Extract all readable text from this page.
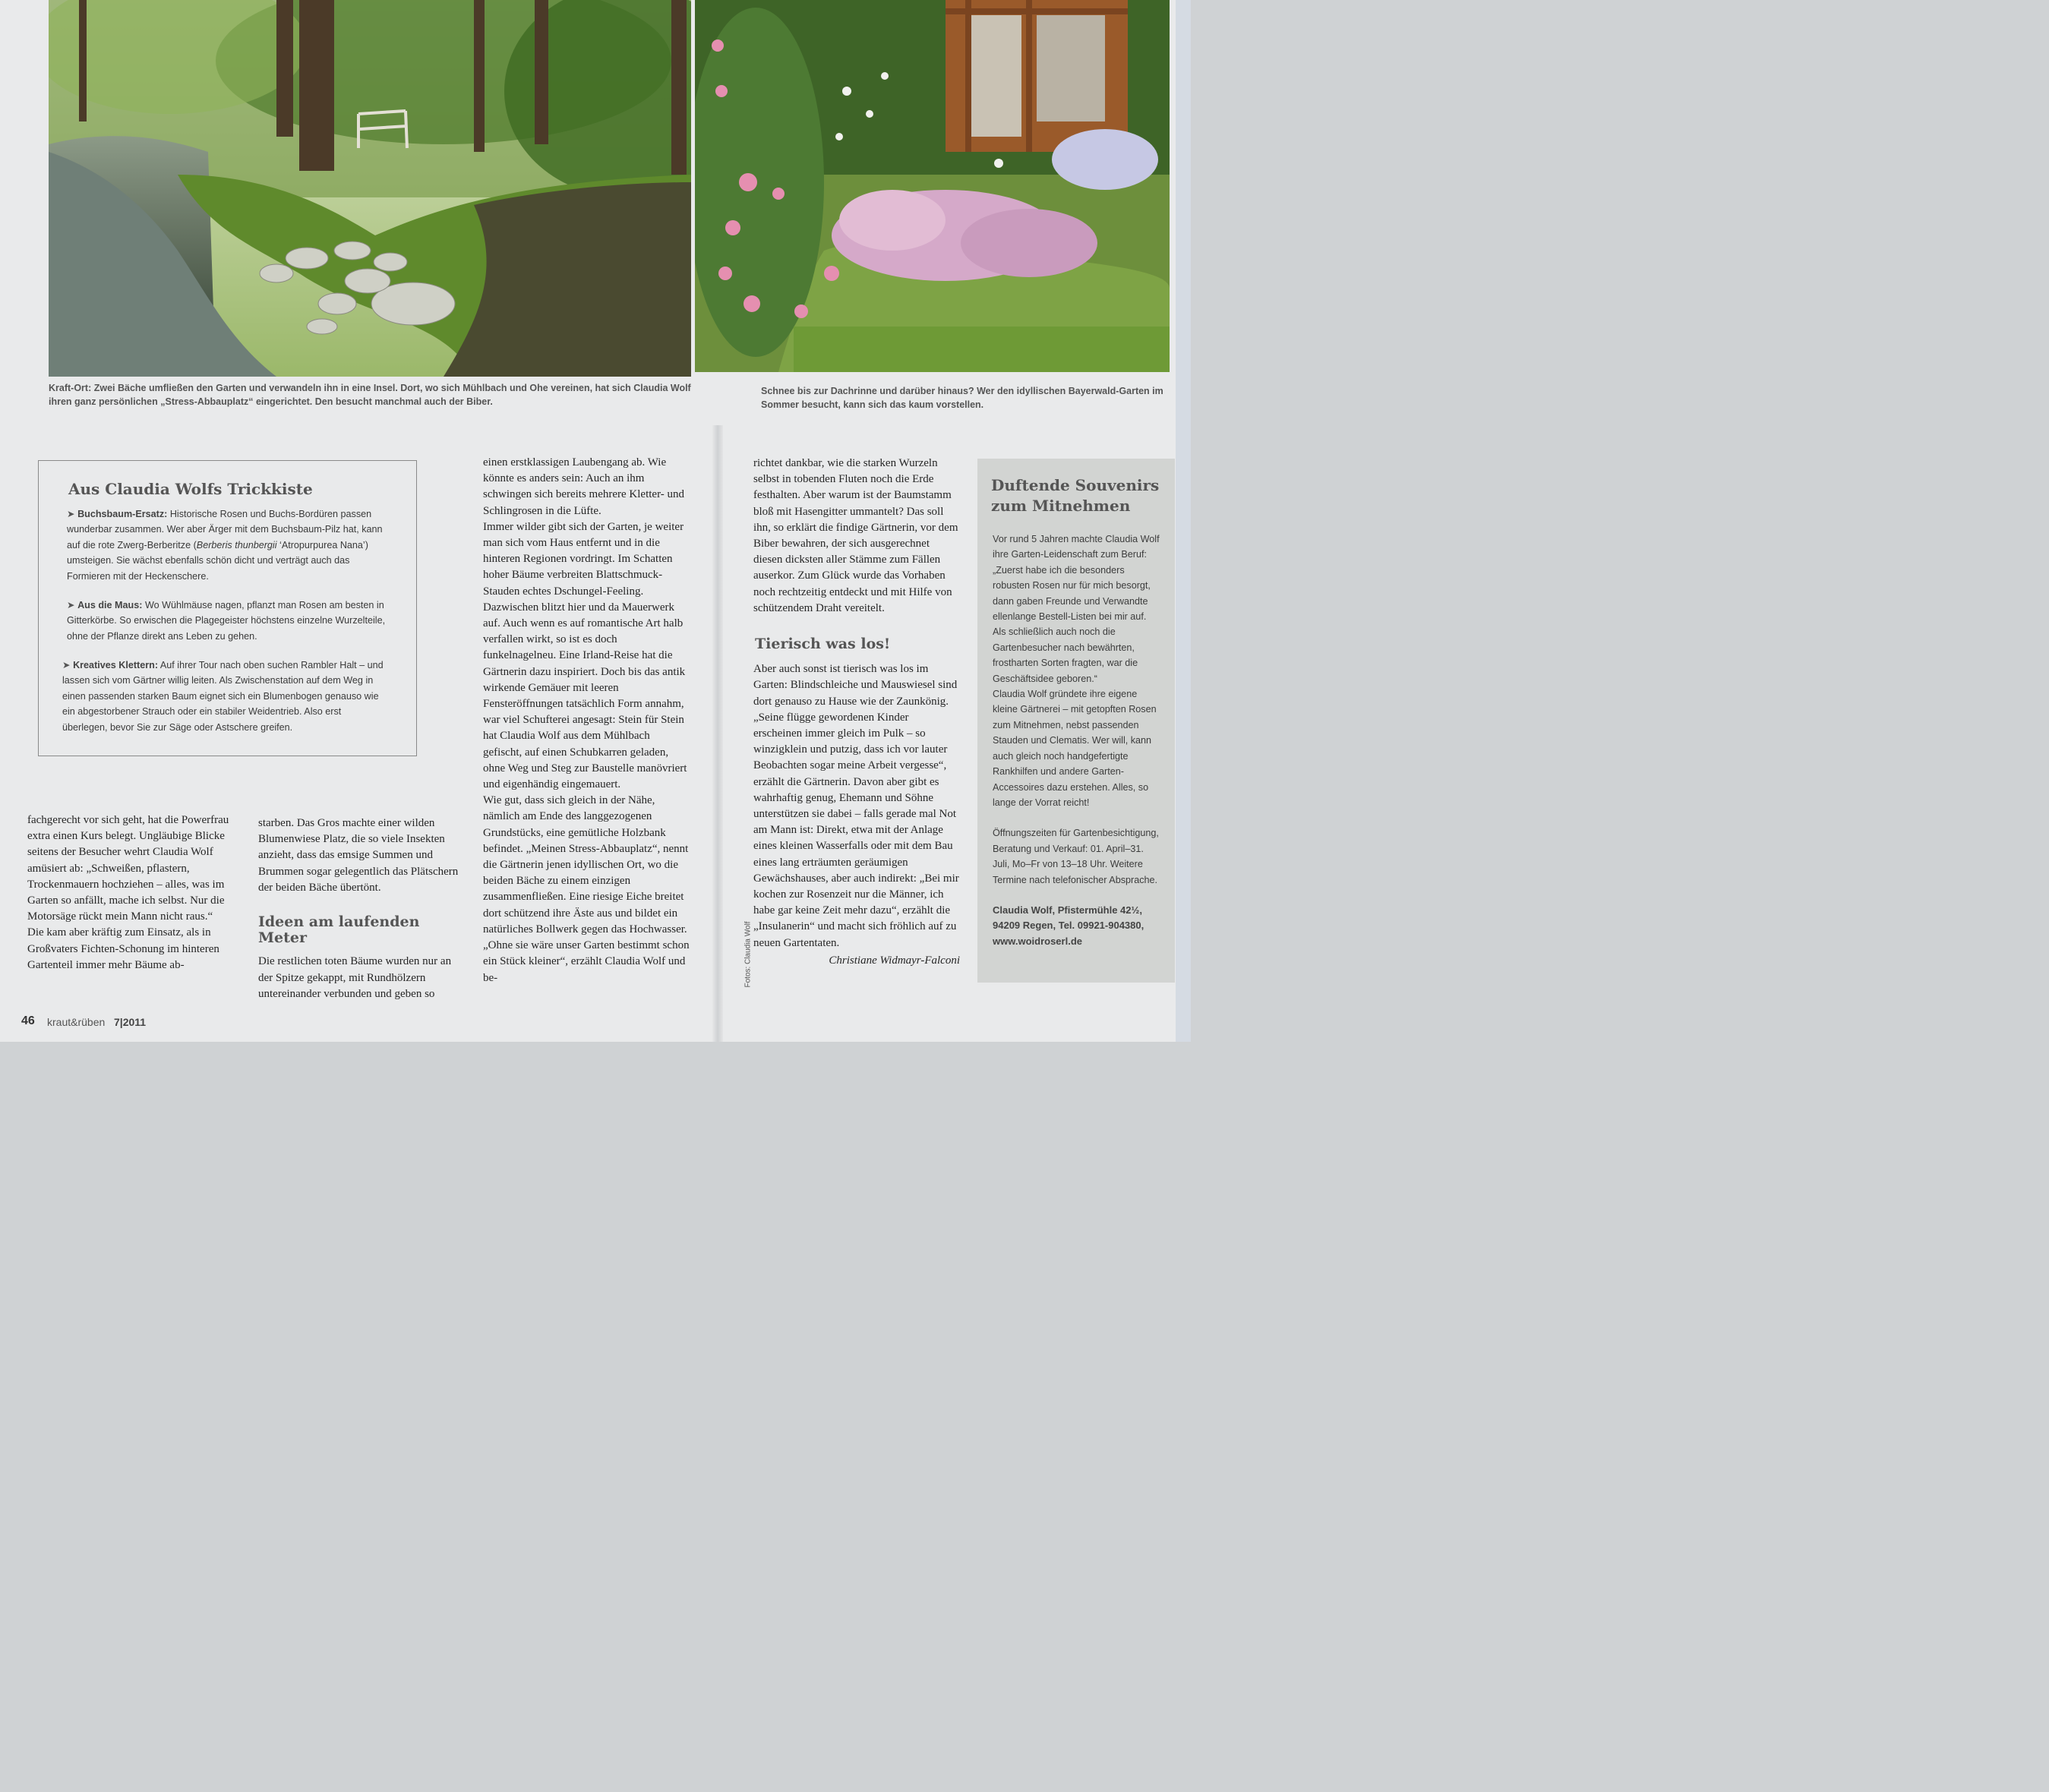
Kraft-Ort: Zwei Bäche umfließen den Garten und verwandeln ihn in eine Insel. Dort, wo sich Mühlbach und Ohe vereinen, hat sich Claudia Wolf ihren ganz persönlichen „Stress-Abbauplatz“ eingerichtet. Den besucht manchmal auch der Biber.
Schnee bis zur Dachrinne und darüber hinaus? Wer den idyllischen Bayerwald-Garten im Sommer besucht, kann sich das kaum vorstellen.
Aus Claudia Wolfs Trickkiste
➤ Buchsbaum-Ersatz: Historische Rosen und Buchs-Bordüren passen wunderbar zusammen. Wer aber Ärger mit dem Buchsbaum-Pilz hat, kann auf die rote Zwerg-Berberitze (Berberis thunbergii ‘Atropurpurea Nana’) umsteigen. Sie wächst ebenfalls schön dicht und verträgt auch das Formieren mit der Heckenschere.
➤ Aus die Maus: Wo Wühlmäuse nagen, pflanzt man Rosen am besten in Gitterkörbe. So erwischen die Plagegeister höchstens einzelne Wurzelteile, ohne der Pflanze direkt ans Leben zu gehen.
➤ Kreatives Klettern: Auf ihrer Tour nach oben suchen Rambler Halt – und lassen sich vom Gärtner willig leiten. Als Zwischenstation auf dem Weg in einen passenden starken Baum eignet sich ein Blumenbogen genauso wie ein abgestorbener Strauch oder ein stabiler Weidentrieb. Also erst überlegen, bevor Sie zur Säge oder Astschere greifen.

fachgerecht vor sich geht, hat die Powerfrau extra einen Kurs belegt. Ungläubige Blicke seitens der Besucher wehrt Claudia Wolf amüsiert ab: „Schweißen, pflastern, Trockenmauern hochziehen – alles, was im Garten so anfällt, mache ich selbst. Nur die Motorsäge rückt mein Mann nicht raus.“

Die kam aber kräftig zum Einsatz, als in Großvaters Fichten-Schonung im hinteren Gartenteil immer mehr Bäume ab-

starben. Das Gros machte einer wilden Blumenwiese Platz, die so viele Insekten anzieht, dass das emsige Summen und Brummen sogar gelegentlich das Plätschern der beiden Bäche übertönt.

Ideen am laufenden Meter

Die restlichen toten Bäume wurden nur an der Spitze gekappt, mit Rundhölzern untereinander verbunden und geben so

einen erstklassigen Laubengang ab. Wie könnte es anders sein: Auch an ihm schwingen sich bereits mehrere Kletter- und Schlingrosen in die Lüfte.

Immer wilder gibt sich der Garten, je weiter man sich vom Haus entfernt und in die hinteren Regionen vordringt. Im Schatten hoher Bäume verbreiten Blattschmuck-Stauden echtes Dschungel-Feeling. Dazwischen blitzt hier und da Mauerwerk auf. Auch wenn es auf romantische Art halb verfallen wirkt, so ist es doch funkelnagelneu. Eine Irland-Reise hat die Gärtnerin dazu inspiriert. Doch bis das antik wirkende Gemäuer mit leeren Fensteröffnungen tatsächlich Form annahm, war viel Schufterei angesagt: Stein für Stein hat Claudia Wolf aus dem Mühlbach gefischt, auf einen Schubkarren geladen, ohne Weg und Steg zur Baustelle manövriert und eigenhändig eingemauert.

Wie gut, dass sich gleich in der Nähe, nämlich am Ende des langgezogenen Grundstücks, eine gemütliche Holzbank befindet. „Meinen Stress-Abbauplatz“, nennt die Gärtnerin jenen idyllischen Ort, wo die beiden Bäche zu einem einzigen zusammenfließen. Eine riesige Eiche breitet dort schützend ihre Äste aus und bildet ein natürliches Bollwerk gegen das Hochwasser. „Ohne sie wäre unser Garten bestimmt schon ein Stück kleiner“, erzählt Claudia Wolf und be-

richtet dankbar, wie die starken Wurzeln selbst in tobenden Fluten noch die Erde festhalten. Aber warum ist der Baumstamm bloß mit Hasengitter ummantelt? Das soll ihn, so erklärt die findige Gärtnerin, vor dem Biber bewahren, der sich ausgerechnet diesen dicksten aller Stämme zum Fällen auserkor. Zum Glück wurde das Vorhaben noch rechtzeitig entdeckt und mit Hilfe von schützendem Draht vereitelt.

Tierisch was los!

Aber auch sonst ist tierisch was los im Garten: Blindschleiche und Mauswiesel sind dort genauso zu Hause wie der Zaunkönig. „Seine flügge gewordenen Kinder erscheinen immer gleich im Pulk – so winzigklein und putzig, dass ich vor lauter Beobachten sogar meine Arbeit vergesse“, erzählt die Gärtnerin. Davon aber gibt es wahrhaftig genug, Ehemann und Söhne unterstützen sie dabei – falls gerade mal Not am Mann ist: Direkt, etwa mit der Anlage eines kleinen Wasserfalls oder mit dem Bau eines lang erträumten geräumigen Gewächshauses, aber auch indirekt: „Bei mir kochen zur Rosenzeit nur die Männer, ich habe gar keine Zeit mehr dazu“, erzählt die „Insulanerin“ und macht sich fröhlich auf zu neuen Gartentaten.

Christiane Widmayr-Falconi
Fotos: Claudia Wolf
Duftende Souvenirs zum Mitnehmen
Vor rund 5 Jahren machte Claudia Wolf ihre Garten-Leidenschaft zum Beruf: „Zuerst habe ich die besonders robusten Rosen nur für mich besorgt, dann gaben Freunde und Verwandte ellenlange Bestell-Listen bei mir auf. Als schließlich auch noch die Gartenbesucher nach bewährten, frostharten Sorten fragten, war die Geschäftsidee geboren.“
Claudia Wolf gründete ihre eigene kleine Gärtnerei – mit getopften Rosen zum Mitnehmen, nebst passenden Stauden und Clematis. Wer will, kann auch gleich noch handgefertigte Rankhilfen und andere Garten-Accessoires dazu erstehen. Alles, so lange der Vorrat reicht!
Öffnungszeiten für Gartenbesichtigung, Beratung und Verkauf: 01. April–31. Juli, Mo–Fr von 13–18 Uhr. Weitere Termine nach telefonischer Absprache.
Claudia Wolf, Pfistermühle 42½, 94209 Regen, Tel. 09921-904380, www.woidroserl.de
46 kraut&rüben 7|2011
